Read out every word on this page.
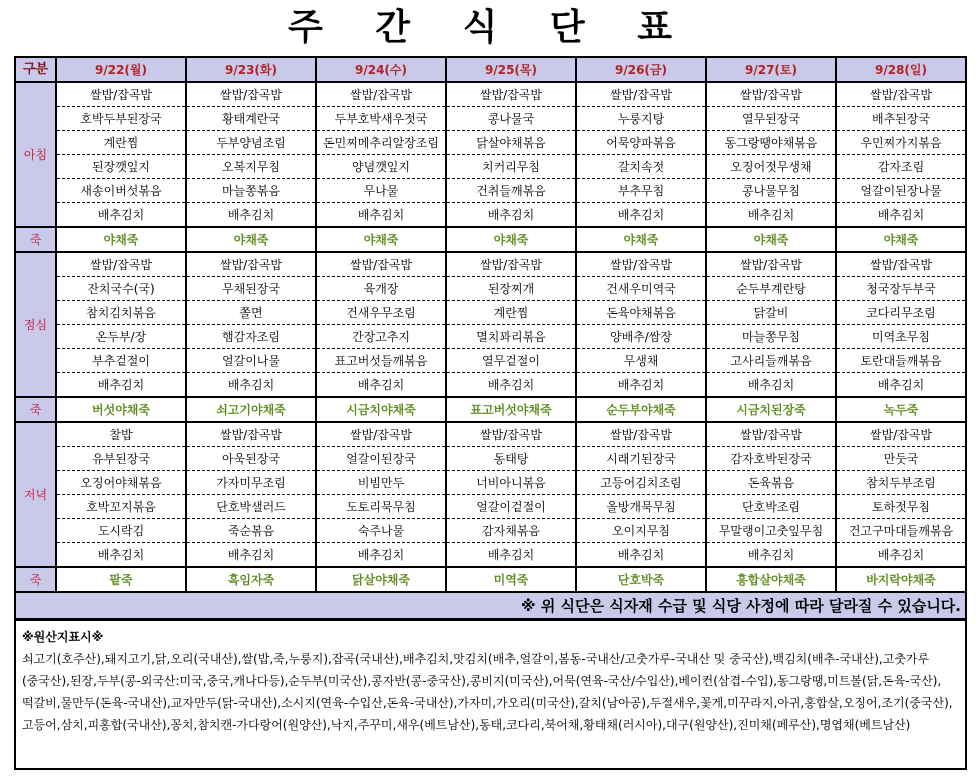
주 간 식 단 표
구분	9/22(월)	9/23(화)	9/24(수)	9/25(목)	9/26(금)	9/27(토)	9/28(일)
아침	쌀밥/잡곡밥	쌀밥/잡곡밥	쌀밥/잡곡밥	쌀밥/잡곡밥	쌀밥/잡곡밥	쌀밥/잡곡밥	쌀밥/잡곡밥
	호박두부된장국	황태계란국	두부호박새우젓국	콩나물국	누룽지탕	열무된장국	배추된장국
	계란찜	두부양념조림	돈민찌메추리알장조림	닭살야채볶음	어묵양파볶음	동그랑땡야채볶음	우민찌가지볶음
	된장깻잎지	오복지무침	양념깻잎지	치커리무침	갈치속젓	오징어젓무생채	감자조림
	새송이버섯볶음	마늘쫑볶음	무나물	건취들깨볶음	부추무침	콩나물무침	얼갈이된장나물
	배추김치	배추김치	배추김치	배추김치	배추김치	배추김치	배추김치
죽	야채죽	야채죽	야채죽	야채죽	야채죽	야채죽	야채죽
점심	쌀밥/잡곡밥	쌀밥/잡곡밥	쌀밥/잡곡밥	쌀밥/잡곡밥	쌀밥/잡곡밥	쌀밥/잡곡밥	쌀밥/잡곡밥
	잔치국수(국)	무채된장국	육개장	된장찌개	건새우미역국	순두부계란탕	청국장두부국
	참치김치볶음	쫄면	건새우무조림	계란찜	돈육야채볶음	닭갈비	코다리무조림
	온두부/장	햄감자조림	간장고추지	멸치꽈리볶음	양배추/쌈장	마늘쫑무침	미역초무침
	부추겉절이	얼갈이나물	표고버섯들깨볶음	열무겉절이	무생채	고사리들깨볶음	토란대들깨볶음
	배추김치	배추김치	배추김치	배추김치	배추김치	배추김치	배추김치
죽	버섯야채죽	쇠고기야채죽	시금치야채죽	표고버섯야채죽	순두부야채죽	시금치된장죽	녹두죽
저녁	찰밥	쌀밥/잡곡밥	쌀밥/잡곡밥	쌀밥/잡곡밥	쌀밥/잡곡밥	쌀밥/잡곡밥	쌀밥/잡곡밥
	유부된장국	아욱된장국	얼갈이된장국	동태탕	시래기된장국	감자호박된장국	만둣국
	오징어야채볶음	가자미무조림	비빔만두	너비아니볶음	고등어김치조림	돈육볶음	참치두부조림
	호박꼬지볶음	단호박샐러드	도토리묵무침	얼갈이겉절이	올방개묵무침	단호박조림	토하젓무침
	도시락김	죽순볶음	숙주나물	감자채볶음	오이지무침	무말랭이고춧잎무침	건고구마대들깨볶음
	배추김치	배추김치	배추김치	배추김치	배추김치	배추김치	배추김치
죽	팥죽	흑임자죽	닭살야채죽	미역죽	단호박죽	홍합살야채죽	바지락야채죽
※ 위 식단은 식자재 수급 및 식당 사정에 따라 달라질 수 있습니다.							
※원산지표시※
쇠고기(호주산),돼지고기,닭,오리(국내산),쌀(밥,죽,누룽지),잡곡(국내산),배추김치,맛김치(배추,얼갈이,봄동-국내산/고춧가루-국내산 및 중국산),백김치(배추-국내산),고춧가루(중국산),된장,두부(콩-외국산:미국,중국,캐나다등),순두부(미국산),콩자반(콩-중국산),콩비지(미국산),어묵(연육-국산/수입산),베이컨(삼겹-수입),동그랑땡,미트볼(닭,돈육-국산),떡갈비,물만두(돈육-국내산),교자만두(닭-국내산),소시지(연육-수입산,돈육-국내산),가자미,가오리(미국산),갈치(남아공),두절새우,꽃게,미꾸라지,아귀,홍합살,오징어,조기(중국산),고등어,삼치,피홍합(국내산),꽁치,참치캔-가다랑어(원양산),낙지,주꾸미,새우(베트남산),동태,코다리,북어채,황태채(러시아),대구(원양산),진미채(페루산),명엽채(베트남산)
